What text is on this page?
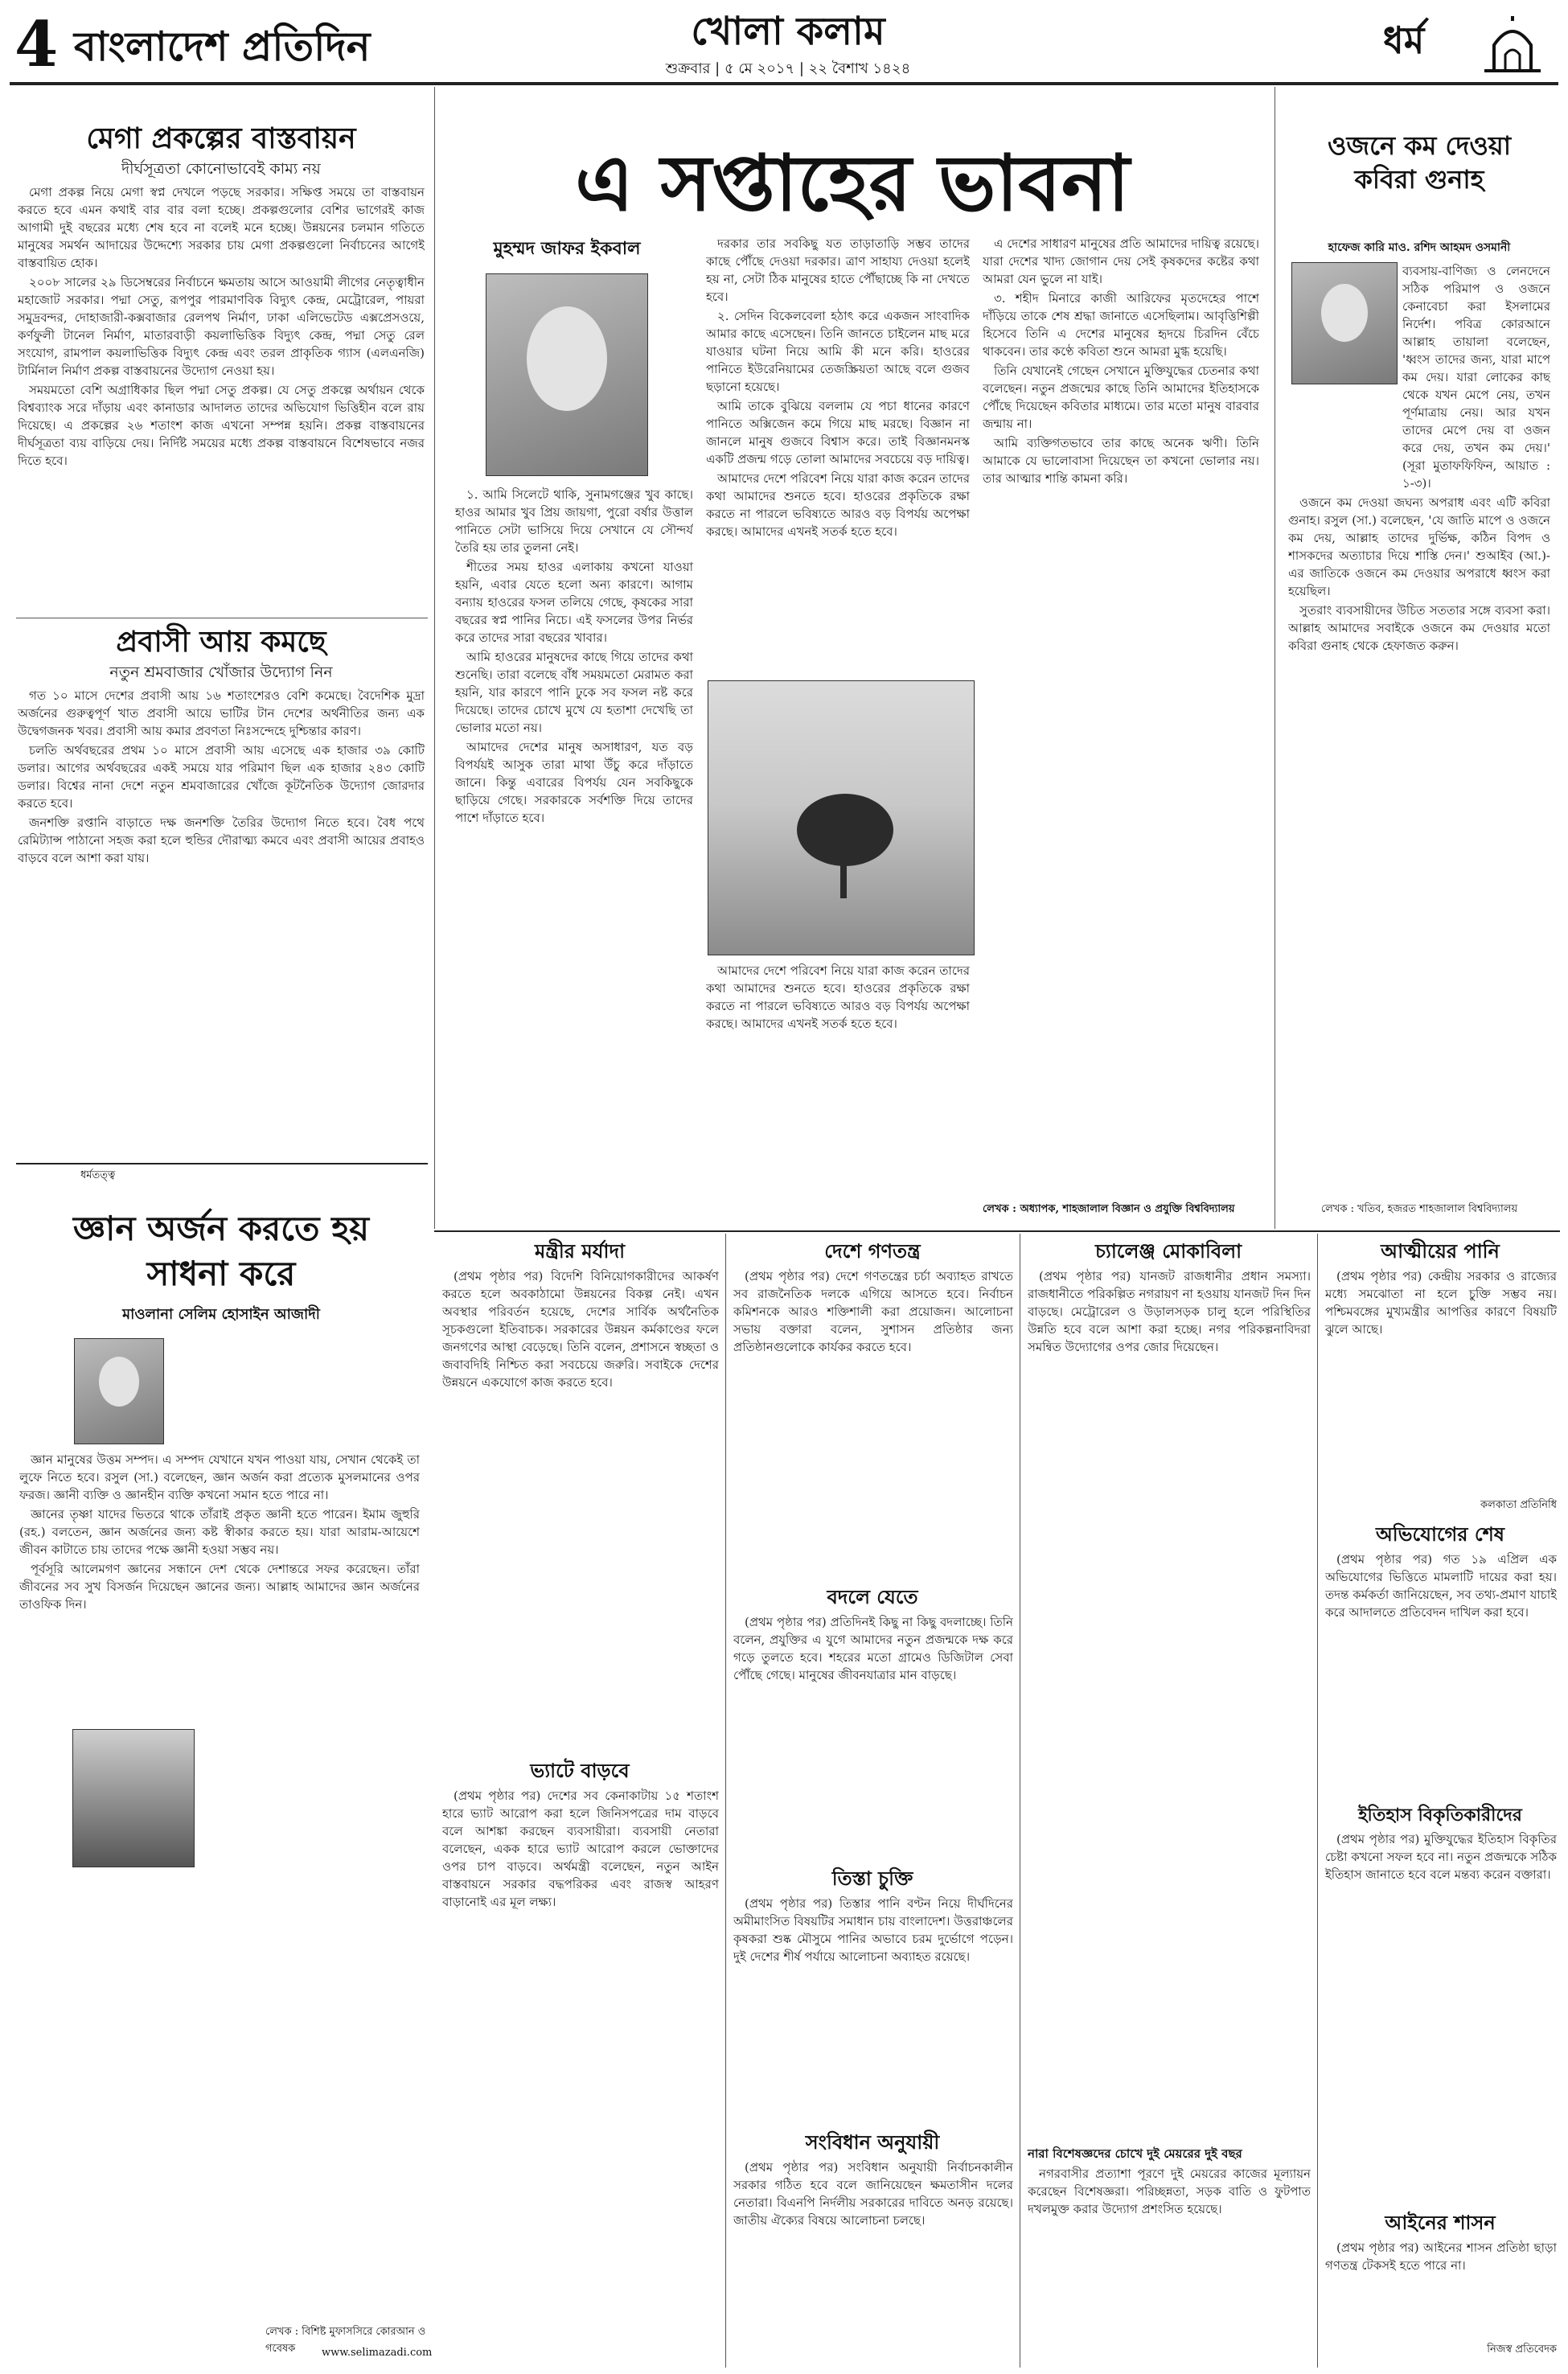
4 বাংলাদেশ প্রতিদিন	খোলা কলাম
শুক্রবার | ৫ মে ২০১৭ | ২২ বৈশাখ ১৪২৪
ধর্ম
মেগা প্রকল্পের বাস্তবায়ন
দীর্ঘসূত্রতা কোনোভাবেই কাম্য নয়

মেগা প্রকল্প নিয়ে মেগা স্বপ্ন দেখলে পড়ছে সরকার। সক্ষিপ্ত সময়ে তা বাস্তবায়ন করতে হবে এমন কথাই বার বার বলা হচ্ছে। প্রকল্পগুলোর বেশির ভাগেরই কাজ আগামী দুই বছরের মধ্যে শেষ হবে না বলেই মনে হচ্ছে। উন্নয়নের চলমান গতিতে মানুষের সমর্থন আদায়ের উদ্দেশ্যে সরকার চায় মেগা প্রকল্পগুলো নির্বাচনের আগেই বাস্তবায়িত হোক।

২০০৮ সালের ২৯ ডিসেম্বরের নির্বাচনে ক্ষমতায় আসে আওয়ামী লীগের নেতৃত্বাধীন মহাজোট সরকার। পদ্মা সেতু, রূপপুর পারমাণবিক বিদ্যুৎ কেন্দ্র, মেট্রোরেল, পায়রা সমুদ্রবন্দর, দোহাজারী-কক্সবাজার রেলপথ নির্মাণ, ঢাকা এলিভেটেড এক্সপ্রেসওয়ে, কর্ণফুলী টানেল নির্মাণ, মাতারবাড়ী কয়লাভিত্তিক বিদ্যুৎ কেন্দ্র, পদ্মা সেতু রেল সংযোগ, রামপাল কয়লাভিত্তিক বিদ্যুৎ কেন্দ্র এবং তরল প্রাকৃতিক গ্যাস (এলএনজি) টার্মিনাল নির্মাণ প্রকল্প বাস্তবায়নের উদ্যোগ নেওয়া হয়।

সময়মতো বেশি অগ্রাধিকার ছিল পদ্মা সেতু প্রকল্প। যে সেতু প্রকল্পে অর্থায়ন থেকে বিশ্বব্যাংক সরে দাঁড়ায় এবং কানাডার আদালত তাদের অভিযোগ ভিত্তিহীন বলে রায় দিয়েছে। এ প্রকল্পের ২৬ শতাংশ কাজ এখনো সম্পন্ন হয়নি। প্রকল্প বাস্তবায়নের দীর্ঘসূত্রতা ব্যয় বাড়িয়ে দেয়। নির্দিষ্ট সময়ের মধ্যে প্রকল্প বাস্তবায়নে বিশেষভাবে নজর দিতে হবে।

প্রবাসী আয় কমছে
নতুন শ্রমবাজার খোঁজার উদ্যোগ নিন

গত ১০ মাসে দেশের প্রবাসী আয় ১৬ শতাংশেরও বেশি কমেছে। বৈদেশিক মুদ্রা অর্জনের গুরুত্বপূর্ণ খাত প্রবাসী আয়ে ভাটির টান দেশের অর্থনীতির জন্য এক উদ্বেগজনক খবর। প্রবাসী আয় কমার প্রবণতা নিঃসন্দেহে দুশ্চিন্তার কারণ।

চলতি অর্থবছরের প্রথম ১০ মাসে প্রবাসী আয় এসেছে এক হাজার ৩৯ কোটি ডলার। আগের অর্থবছরের একই সময়ে যার পরিমাণ ছিল এক হাজার ২৪৩ কোটি ডলার। বিশ্বের নানা দেশে নতুন শ্রমবাজারের খোঁজে কূটনৈতিক উদ্যোগ জোরদার করতে হবে।

জনশক্তি রপ্তানি বাড়াতে দক্ষ জনশক্তি তৈরির উদ্যোগ নিতে হবে। বৈধ পথে রেমিট্যান্স পাঠানো সহজ করা হলে হুন্ডির দৌরাত্ম্য কমবে এবং প্রবাসী আয়ের প্রবাহও বাড়বে বলে আশা করা যায়।

ধর্মতত্ত্ব
জ্ঞান অর্জন করতে হয় সাধনা করে
মাওলানা সেলিম হোসাইন আজাদী

জ্ঞান মানুষের উত্তম সম্পদ। এ সম্পদ যেখানে যখন পাওয়া যায়, সেখান থেকেই তা লুফে নিতে হবে। রসুল (সা.) বলেছেন, জ্ঞান অর্জন করা প্রত্যেক মুসলমানের ওপর ফরজ। জ্ঞানী ব্যক্তি ও জ্ঞানহীন ব্যক্তি কখনো সমান হতে পারে না।

জ্ঞানের তৃষ্ণা যাদের ভিতরে থাকে তাঁরাই প্রকৃত জ্ঞানী হতে পারেন। ইমাম জুহুরি (রহ.) বলতেন, জ্ঞান অর্জনের জন্য কষ্ট স্বীকার করতে হয়। যারা আরাম-আয়েশে জীবন কাটাতে চায় তাদের পক্ষে জ্ঞানী হওয়া সম্ভব নয়।

পূর্বসূরি আলেমগণ জ্ঞানের সন্ধানে দেশ থেকে দেশান্তরে সফর করেছেন। তাঁরা জীবনের সব সুখ বিসর্জন দিয়েছেন জ্ঞানের জন্য। আল্লাহ আমাদের জ্ঞান অর্জনের তাওফিক দিন।

লেখক : বিশিষ্ট মুফাসসিরে কোরআন ও গবেষক	www.selimazadi.com
এ সপ্তাহের ভাবনা
মুহম্মদ জাফর ইকবাল

১. আমি সিলেটে থাকি, সুনামগঞ্জের খুব কাছে। হাওর আমার খুব প্রিয় জায়গা, পুরো বর্ষার উত্তাল পানিতে সেটা ভাসিয়ে দিয়ে সেখানে যে সৌন্দর্য তৈরি হয় তার তুলনা নেই।

শীতের সময় হাওর এলাকায় কখনো যাওয়া হয়নি, এবার যেতে হলো অন্য কারণে। আগাম বন্যায় হাওরের ফসল তলিয়ে গেছে, কৃষকের সারা বছরের স্বপ্ন পানির নিচে। এই ফসলের উপর নির্ভর করে তাদের সারা বছরের খাবার।

আমি হাওরের মানুষদের কাছে গিয়ে তাদের কথা শুনেছি। তারা বলেছে বাঁধ সময়মতো মেরামত করা হয়নি, যার কারণে পানি ঢুকে সব ফসল নষ্ট করে দিয়েছে। তাদের চোখে মুখে যে হতাশা দেখেছি তা ভোলার মতো নয়।

আমাদের দেশের মানুষ অসাধারণ, যত বড় বিপর্যয়ই আসুক তারা মাথা উঁচু করে দাঁড়াতে জানে। কিন্তু এবারের বিপর্যয় যেন সবকিছুকে ছাড়িয়ে গেছে। সরকারকে সর্বশক্তি দিয়ে তাদের পাশে দাঁড়াতে হবে।

দরকার তার সবকিছু যত তাড়াতাড়ি সম্ভব তাদের কাছে পৌঁছে দেওয়া দরকার। ত্রাণ সাহায্য দেওয়া হলেই হয় না, সেটা ঠিক মানুষের হাতে পৌঁছাচ্ছে কি না দেখতে হবে।

২. সেদিন বিকেলবেলা হঠাৎ করে একজন সাংবাদিক আমার কাছে এসেছেন। তিনি জানতে চাইলেন মাছ মরে যাওয়ার ঘটনা নিয়ে আমি কী মনে করি। হাওরের পানিতে ইউরেনিয়ামের তেজস্ক্রিয়তা আছে বলে গুজব ছড়ানো হয়েছে।

আমি তাকে বুঝিয়ে বললাম যে পচা ধানের কারণে পানিতে অক্সিজেন কমে গিয়ে মাছ মরছে। বিজ্ঞান না জানলে মানুষ গুজবে বিশ্বাস করে। তাই বিজ্ঞানমনস্ক একটি প্রজন্ম গড়ে তোলা আমাদের সবচেয়ে বড় দায়িত্ব।

আমাদের দেশে পরিবেশ নিয়ে যারা কাজ করেন তাদের কথা আমাদের শুনতে হবে। হাওরের প্রকৃতিকে রক্ষা করতে না পারলে ভবিষ্যতে আরও বড় বিপর্যয় অপেক্ষা করছে। আমাদের এখনই সতর্ক হতে হবে।

আমাদের দেশে পরিবেশ নিয়ে যারা কাজ করেন তাদের কথা আমাদের শুনতে হবে। হাওরের প্রকৃতিকে রক্ষা করতে না পারলে ভবিষ্যতে আরও বড় বিপর্যয় অপেক্ষা করছে। আমাদের এখনই সতর্ক হতে হবে।

এ দেশের সাধারণ মানুষের প্রতি আমাদের দায়িত্ব রয়েছে। যারা দেশের খাদ্য জোগান দেয় সেই কৃষকদের কষ্টের কথা আমরা যেন ভুলে না যাই।

৩. শহীদ মিনারে কাজী আরিফের মৃতদেহের পাশে দাঁড়িয়ে তাকে শেষ শ্রদ্ধা জানাতে এসেছিলাম। আবৃত্তিশিল্পী হিসেবে তিনি এ দেশের মানুষের হৃদয়ে চিরদিন বেঁচে থাকবেন। তার কণ্ঠে কবিতা শুনে আমরা মুগ্ধ হয়েছি।

তিনি যেখানেই গেছেন সেখানে মুক্তিযুদ্ধের চেতনার কথা বলেছেন। নতুন প্রজন্মের কাছে তিনি আমাদের ইতিহাসকে পৌঁছে দিয়েছেন কবিতার মাধ্যমে। তার মতো মানুষ বারবার জন্মায় না।

আমি ব্যক্তিগতভাবে তার কাছে অনেক ঋণী। তিনি আমাকে যে ভালোবাসা দিয়েছেন তা কখনো ভোলার নয়। তার আত্মার শান্তি কামনা করি।

লেখক : অধ্যাপক, শাহজালাল বিজ্ঞান ও প্রযুক্তি বিশ্ববিদ্যালয়
ওজনে কম দেওয়া কবিরা গুনাহ
হাফেজ কারি মাও. রশিদ আহমদ ওসমানী

ব্যবসায়-বাণিজ্য ও লেনদেনে সঠিক পরিমাপ ও ওজনে কেনাবেচা করা ইসলামের নির্দেশ। পবিত্র কোরআনে আল্লাহ তায়ালা বলেছেন, 'ধ্বংস তাদের জন্য, যারা মাপে কম দেয়। যারা লোকের কাছ থেকে যখন মেপে নেয়, তখন পূর্ণমাত্রায় নেয়। আর যখন তাদের মেপে দেয় বা ওজন করে দেয়, তখন কম দেয়।' (সূরা মুতাফফিফিন, আয়াত : ১-৩)।

ওজনে কম দেওয়া জঘন্য অপরাধ এবং এটি কবিরা গুনাহ। রসুল (সা.) বলেছেন, 'যে জাতি মাপে ও ওজনে কম দেয়, আল্লাহ তাদের দুর্ভিক্ষ, কঠিন বিপদ ও শাসকদের অত্যাচার দিয়ে শাস্তি দেন।' শুআইব (আ.)-এর জাতিকে ওজনে কম দেওয়ার অপরাধে ধ্বংস করা হয়েছিল।

সুতরাং ব্যবসায়ীদের উচিত সততার সঙ্গে ব্যবসা করা। আল্লাহ আমাদের সবাইকে ওজনে কম দেওয়ার মতো কবিরা গুনাহ থেকে হেফাজত করুন।

লেখক : খতিব, হজরত শাহজালাল বিশ্ববিদ্যালয়
মন্ত্রীর মর্যাদা

(প্রথম পৃষ্ঠার পর) বিদেশি বিনিয়োগকারীদের আকর্ষণ করতে হলে অবকাঠামো উন্নয়নের বিকল্প নেই। এখন অবস্থার পরিবর্তন হয়েছে, দেশের সার্বিক অর্থনৈতিক সূচকগুলো ইতিবাচক। সরকারের উন্নয়ন কর্মকাণ্ডের ফলে জনগণের আস্থা বেড়েছে। তিনি বলেন, প্রশাসনে স্বচ্ছতা ও জবাবদিহি নিশ্চিত করা সবচেয়ে জরুরি। সবাইকে দেশের উন্নয়নে একযোগে কাজ করতে হবে।

ভ্যাটে বাড়বে

(প্রথম পৃষ্ঠার পর) দেশের সব কেনাকাটায় ১৫ শতাংশ হারে ভ্যাট আরোপ করা হলে জিনিসপত্রের দাম বাড়বে বলে আশঙ্কা করছেন ব্যবসায়ীরা। ব্যবসায়ী নেতারা বলেছেন, একক হারে ভ্যাট আরোপ করলে ভোক্তাদের ওপর চাপ বাড়বে। অর্থমন্ত্রী বলেছেন, নতুন আইন বাস্তবায়নে সরকার বদ্ধপরিকর এবং রাজস্ব আহরণ বাড়ানোই এর মূল লক্ষ্য।

দেশে গণতন্ত্র

(প্রথম পৃষ্ঠার পর) দেশে গণতন্ত্রের চর্চা অব্যাহত রাখতে সব রাজনৈতিক দলকে এগিয়ে আসতে হবে। নির্বাচন কমিশনকে আরও শক্তিশালী করা প্রয়োজন। আলোচনা সভায় বক্তারা বলেন, সুশাসন প্রতিষ্ঠার জন্য প্রতিষ্ঠানগুলোকে কার্যকর করতে হবে।

বদলে যেতে

(প্রথম পৃষ্ঠার পর) প্রতিদিনই কিছু না কিছু বদলাচ্ছে। তিনি বলেন, প্রযুক্তির এ যুগে আমাদের নতুন প্রজন্মকে দক্ষ করে গড়ে তুলতে হবে। শহরের মতো গ্রামেও ডিজিটাল সেবা পৌঁছে গেছে। মানুষের জীবনযাত্রার মান বাড়ছে।

তিস্তা চুক্তি

(প্রথম পৃষ্ঠার পর) তিস্তার পানি বণ্টন নিয়ে দীর্ঘদিনের অমীমাংসিত বিষয়টির সমাধান চায় বাংলাদেশ। উত্তরাঞ্চলের কৃষকরা শুষ্ক মৌসুমে পানির অভাবে চরম দুর্ভোগে পড়েন। দুই দেশের শীর্ষ পর্যায়ে আলোচনা অব্যাহত রয়েছে।

সংবিধান অনুযায়ী

(প্রথম পৃষ্ঠার পর) সংবিধান অনুযায়ী নির্বাচনকালীন সরকার গঠিত হবে বলে জানিয়েছেন ক্ষমতাসীন দলের নেতারা। বিএনপি নির্দলীয় সরকারের দাবিতে অনড় রয়েছে। জাতীয় ঐক্যের বিষয়ে আলোচনা চলছে।

চ্যালেঞ্জ মোকাবিলা

(প্রথম পৃষ্ঠার পর) যানজট রাজধানীর প্রধান সমস্যা। রাজধানীতে পরিকল্পিত নগরায়ণ না হওয়ায় যানজট দিন দিন বাড়ছে। মেট্রোরেল ও উড়ালসড়ক চালু হলে পরিস্থিতির উন্নতি হবে বলে আশা করা হচ্ছে। নগর পরিকল্পনাবিদরা সমন্বিত উদ্যোগের ওপর জোর দিয়েছেন।

নারা বিশেষজ্ঞদের চোখে দুই মেয়রের দুই বছর

নগরবাসীর প্রত্যাশা পূরণে দুই মেয়রের কাজের মূল্যায়ন করেছেন বিশেষজ্ঞরা। পরিচ্ছন্নতা, সড়ক বাতি ও ফুটপাত দখলমুক্ত করার উদ্যোগ প্রশংসিত হয়েছে।

আত্মীয়ের পানি

(প্রথম পৃষ্ঠার পর) কেন্দ্রীয় সরকার ও রাজ্যের মধ্যে সমঝোতা না হলে চুক্তি সম্ভব নয়। পশ্চিমবঙ্গের মুখ্যমন্ত্রীর আপত্তির কারণে বিষয়টি ঝুলে আছে।

কলকাতা প্রতিনিধি
অভিযোগের শেষ

(প্রথম পৃষ্ঠার পর) গত ১৯ এপ্রিল এক অভিযোগের ভিত্তিতে মামলাটি দায়ের করা হয়। তদন্ত কর্মকর্তা জানিয়েছেন, সব তথ্য-প্রমাণ যাচাই করে আদালতে প্রতিবেদন দাখিল করা হবে।

ইতিহাস বিকৃতিকারীদের

(প্রথম পৃষ্ঠার পর) মুক্তিযুদ্ধের ইতিহাস বিকৃতির চেষ্টা কখনো সফল হবে না। নতুন প্রজন্মকে সঠিক ইতিহাস জানাতে হবে বলে মন্তব্য করেন বক্তারা।

আইনের শাসন

(প্রথম পৃষ্ঠার পর) আইনের শাসন প্রতিষ্ঠা ছাড়া গণতন্ত্র টেকসই হতে পারে না।

নিজস্ব প্রতিবেদক
